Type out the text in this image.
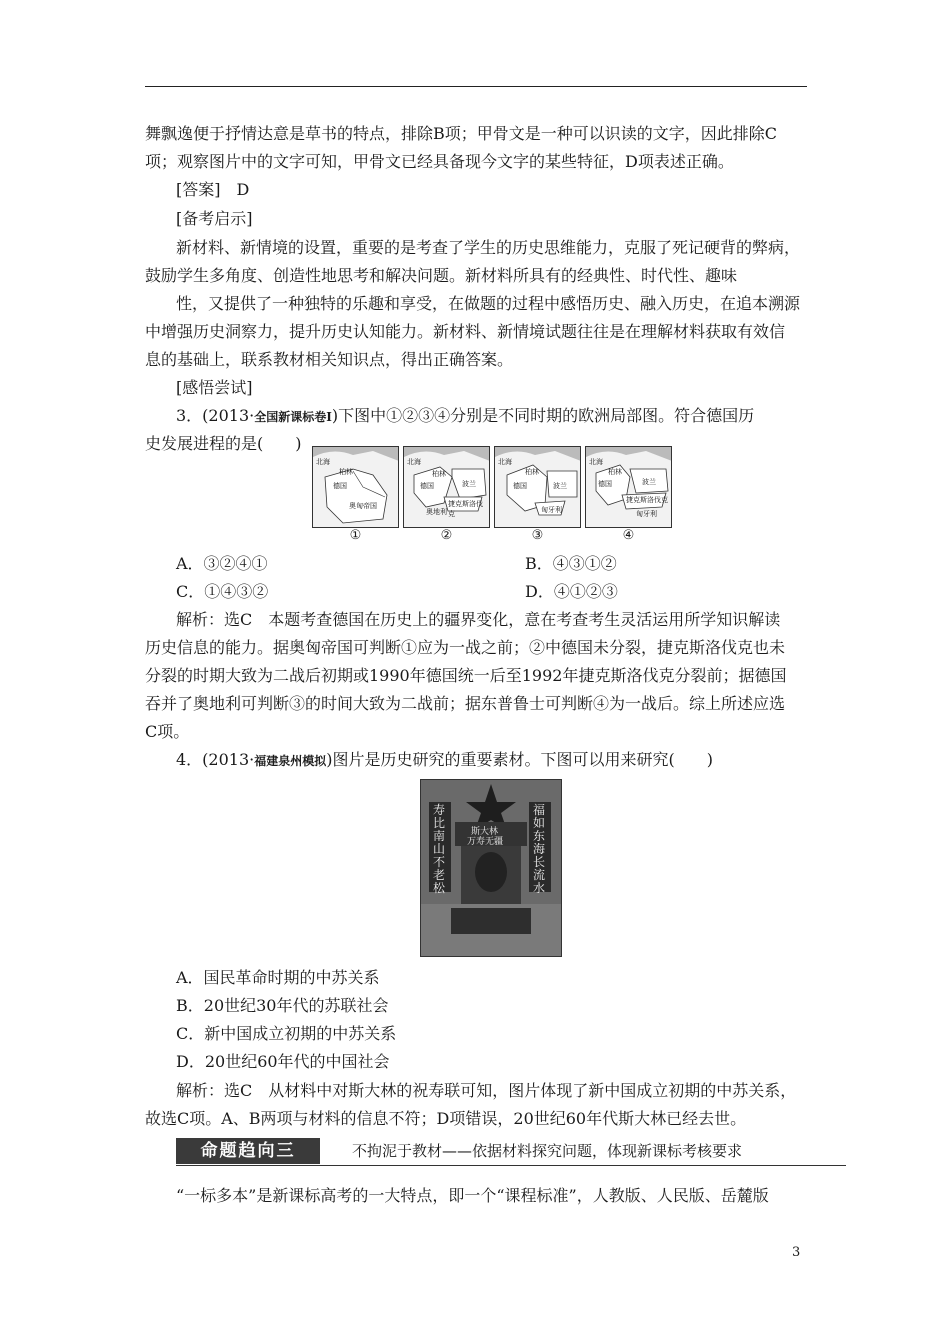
舞飘逸便于抒情达意是草书的特点，排除B项；甲骨文是一种可以识读的文字，因此排除C
项；观察图片中的文字可知，甲骨文已经具备现今文字的某些特征，D项表述正确。
[答案]　D
[备考启示]
新材料、新情境的设置，重要的是考查了学生的历史思维能力，克服了死记硬背的弊病，
鼓励学生多角度、创造性地思考和解决问题。新材料所具有的经典性、时代性、趣味
性，又提供了一种独特的乐趣和享受，在做题的过程中感悟历史、融入历史，在追本溯源
中增强历史洞察力，提升历史认知能力。新材料、新情境试题往往是在理解材料获取有效信
息的基础上，联系教材相关知识点，得出正确答案。
[感悟尝试]
3．(2013·全国新课标卷Ⅰ)下图中①②③④分别是不同时期的欧洲局部图。符合德国历
史发展进程的是(　　)
北海
柏林
德国
奥匈帝国
北海
柏林
德国	波兰
奥地利
捷克斯洛伐克
北海
柏林
德国	波兰
匈牙利
北海
柏林
德国	波兰
捷克斯洛伐克
匈牙利
①	②	③	④
A．③②④①	B．④③①②
C．①④③②	D．④①②③
解析：选C　本题考查德国在历史上的疆界变化，意在考查考生灵活运用所学知识解读
历史信息的能力。据奥匈帝国可判断①应为一战之前；②中德国未分裂，捷克斯洛伐克也未
分裂的时期大致为二战后初期或1990年德国统一后至1992年捷克斯洛伐克分裂前；据德国
吞并了奥地利可判断③的时间大致为二战前；据东普鲁士可判断④为一战后。综上所述应选
C项。
4．(2013·福建泉州模拟)图片是历史研究的重要素材。下图可以用来研究(　　)
寿比南山不老松
斯大林
万寿无疆
福如东海长流水
A．国民革命时期的中苏关系
B．20世纪30年代的苏联社会
C．新中国成立初期的中苏关系
D．20世纪60年代的中国社会
解析：选C　从材料中对斯大林的祝寿联可知，图片体现了新中国成立初期的中苏关系，
故选C项。A、B两项与材料的信息不符；D项错误，20世纪60年代斯大林已经去世。
命题趋向三	不拘泥于教材——依据材料探究问题，体现新课标考核要求
“一标多本”是新课标高考的一大特点，即一个“课程标准”，人教版、人民版、岳麓版
3
